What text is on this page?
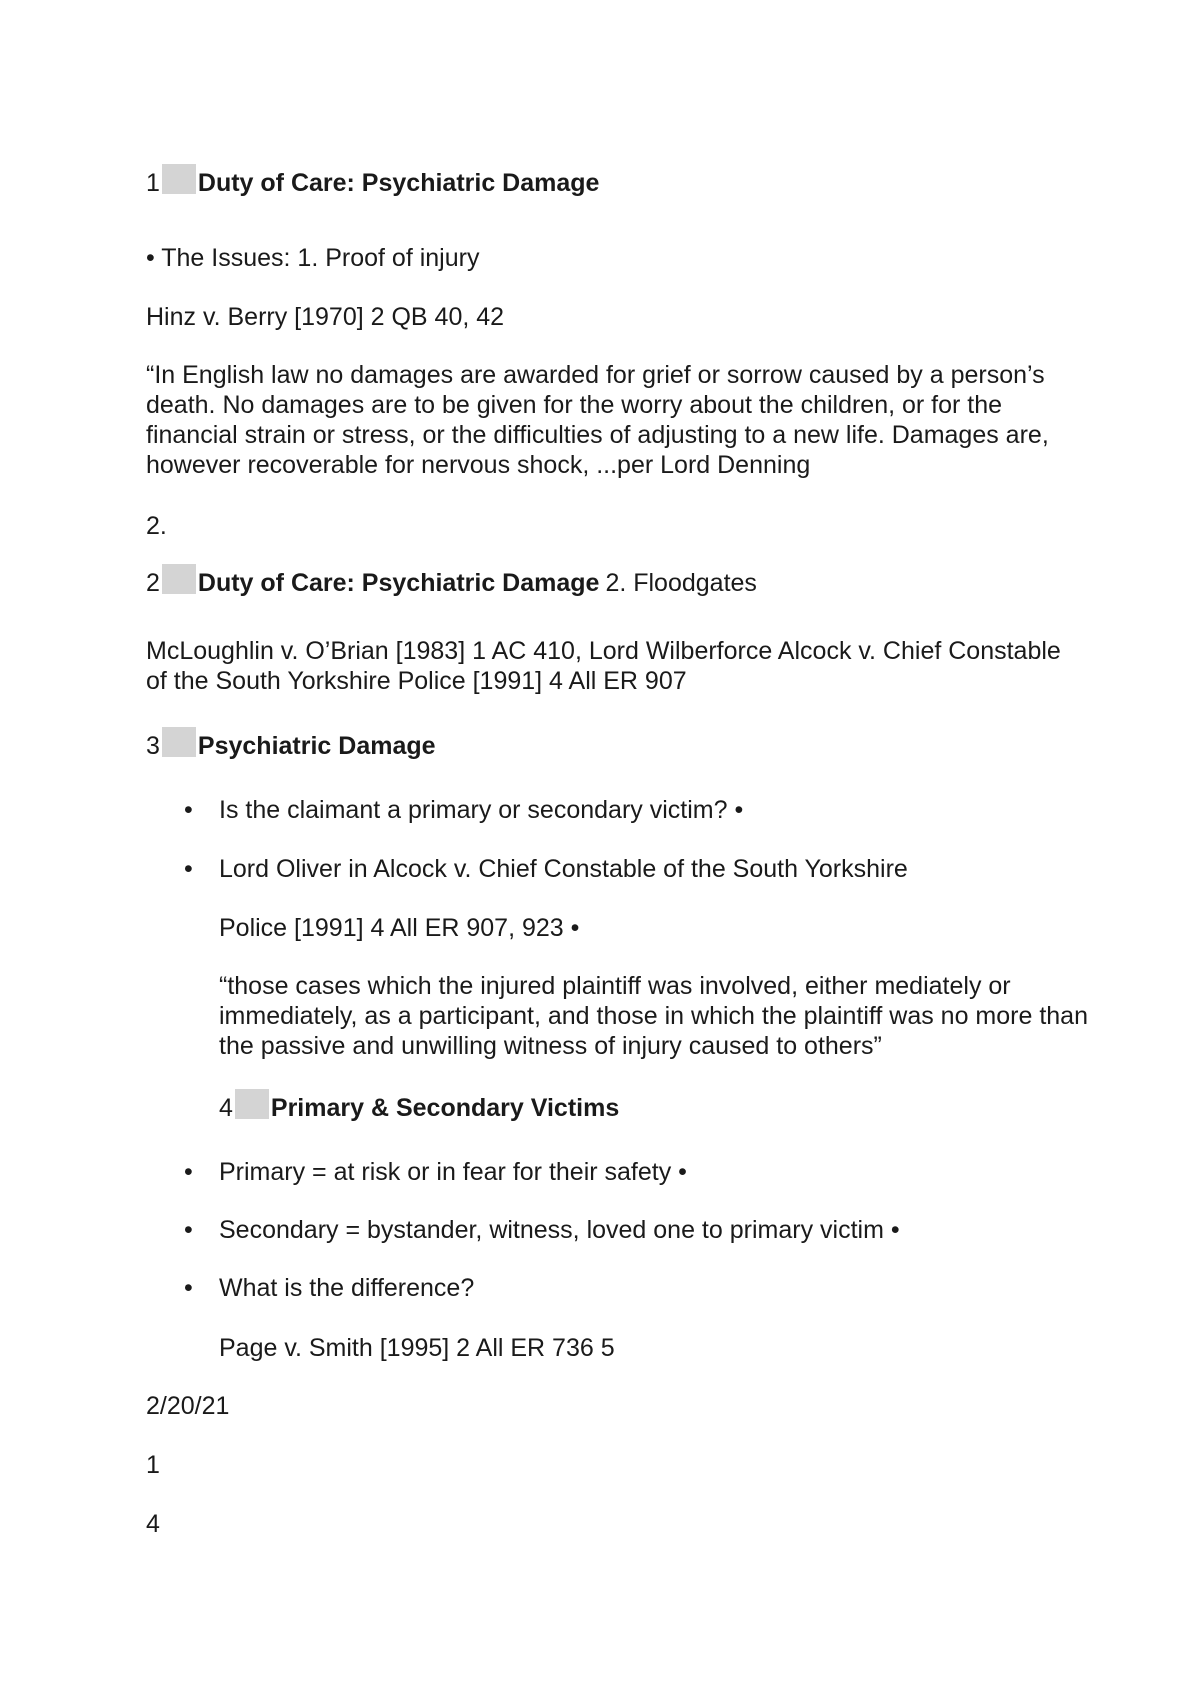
1 Duty of Care: Psychiatric Damage
• The Issues: 1. Proof of injury
Hinz v. Berry [1970] 2 QB 40, 42
“In English law no damages are awarded for grief or sorrow caused by a person’s death. No damages are to be given for the worry about the children, or for the financial strain or stress, or the difficulties of adjusting to a new life. Damages are, however recoverable for nervous shock, ...per Lord Denning
2.
2 Duty of Care: Psychiatric Damage 2. Floodgates
McLoughlin v. O’Brian [1983] 1 AC 410, Lord Wilberforce Alcock v. Chief Constable of the South Yorkshire Police [1991] 4 All ER 907
3 Psychiatric Damage
• Is the claimant a primary or secondary victim? •
• Lord Oliver in Alcock v. Chief Constable of the South Yorkshire
Police [1991] 4 All ER 907, 923 •
“those cases which the injured plaintiff was involved, either mediately or immediately, as a participant, and those in which the plaintiff was no more than the passive and unwilling witness of injury caused to others”
4 Primary & Secondary Victims
• Primary = at risk or in fear for their safety •
• Secondary = bystander, witness, loved one to primary victim •
• What is the difference?
Page v. Smith [1995] 2 All ER 736 5
2/20/21
1
4
